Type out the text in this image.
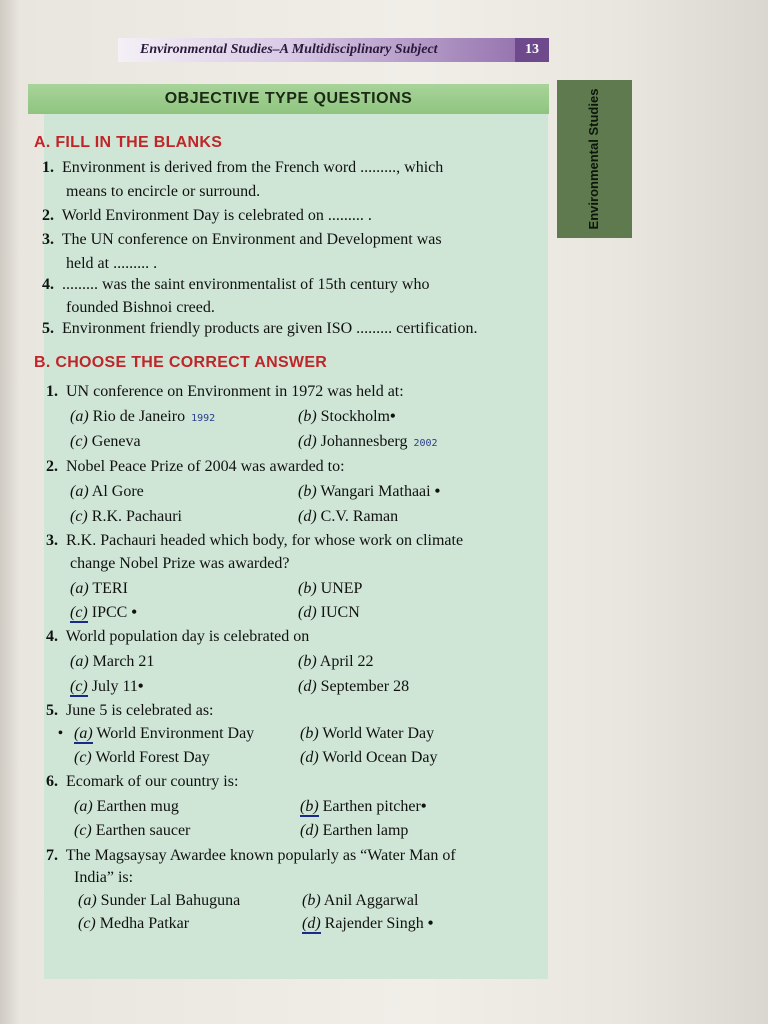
Environmental Studies–A Multidisciplinary Subject	13
OBJECTIVE TYPE QUESTIONS	Environmental Studies
A. FILL IN THE BLANKS
1. Environment is derived from the French word ........., which
means to encircle or surround.
2. World Environment Day is celebrated on ......... .
3. The UN conference on Environment and Development was
held at ......... .
4. ......... was the saint environmentalist of 15th century who
founded Bishnoi creed.
5. Environment friendly products are given ISO ......... certification.
B. CHOOSE THE CORRECT ANSWER
1. UN conference on Environment in 1972 was held at:
(a) Rio de Janeiro 1992	(b) Stockholm•
(c) Geneva	(d) Johannesberg 2002
2. Nobel Peace Prize of 2004 was awarded to:
(a) Al Gore	(b) Wangari Mathaai •
(c) R.K. Pachauri	(d) C.V. Raman
3. R.K. Pachauri headed which body, for whose work on climate
change Nobel Prize was awarded?
(a) TERI	(b) UNEP
(c) IPCC •	(d) IUCN
4. World population day is celebrated on
(a) March 21	(b) April 22
(c) July 11•	(d) September 28
5. June 5 is celebrated as:
• (a) World Environment Day	(b) World Water Day
(c) World Forest Day	(d) World Ocean Day
6. Ecomark of our country is:
(a) Earthen mug	(b) Earthen pitcher•
(c) Earthen saucer	(d) Earthen lamp
7. The Magsaysay Awardee known popularly as “Water Man of
India” is:
(a) Sunder Lal Bahuguna	(b) Anil Aggarwal
(c) Medha Patkar	(d) Rajender Singh •
